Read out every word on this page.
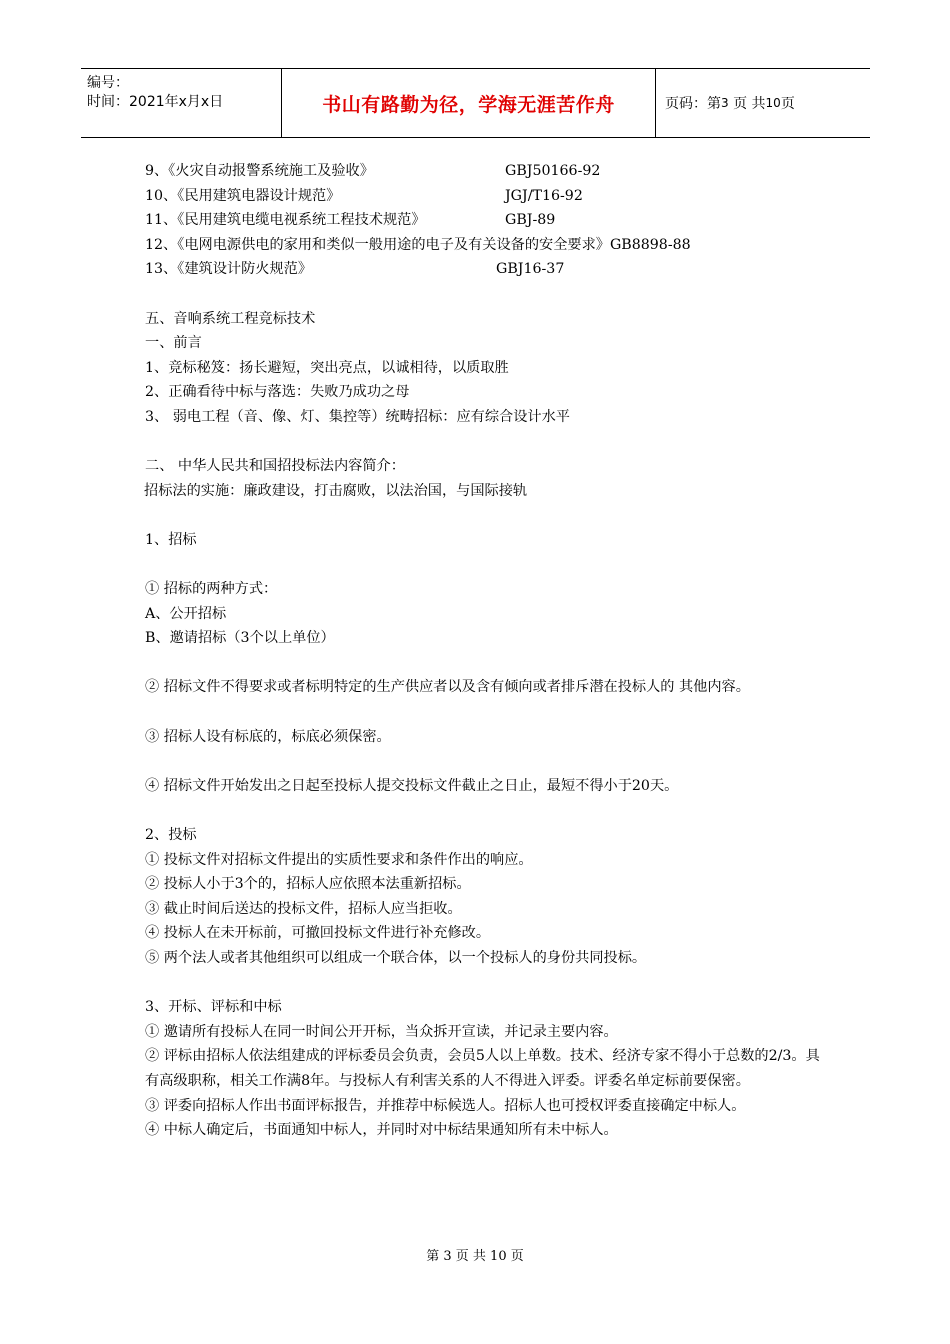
编号：
时间：2021年x月x日	书山有路勤为径，学海无涯苦作舟	页码：第 3
页 共 10 页
9、《火灾自动报警系统施工及验收》	GBJ50166-92
10、《民用建筑电器设计规范》	JGJ/T16-92
11、《民用建筑电缆电视系统工程技术规范》	GBJ-89
12、《电网电源供电的家用和类似一般用途的电子及有关设备的安全要求》GB8898-88
13、《建筑设计防火规范》	GBJ16-37
五、音响系统工程竞标技术
一、前言
1、竞标秘笈：扬长避短，突出亮点，以诚相待，以质取胜
2、正确看待中标与落选：失败乃成功之母
3、 弱电工程（音、像、灯、集控等）统畴招标：应有综合设计水平
二、 中华人民共和国招投标法内容简介：
招标法的实施：廉政建设，打击腐败，以法治国，与国际接轨
1、招标
① 招标的两种方式：
A、公开招标
B、邀请招标（3个以上单位）
② 招标文件不得要求或者标明特定的生产供应者以及含有倾向或者排斥潜在投标人的 其他内容。
③ 招标人设有标底的，标底必须保密。
④ 招标文件开始发出之日起至投标人提交投标文件截止之日止，最短不得小于20天。
2、投标
① 投标文件对招标文件提出的实质性要求和条件作出的响应。
② 投标人小于3个的，招标人应依照本法重新招标。
③ 截止时间后送达的投标文件，招标人应当拒收。
④ 投标人在未开标前，可撤回投标文件进行补充修改。
⑤ 两个法人或者其他组织可以组成一个联合体，以一个投标人的身份共同投标。
3、开标、评标和中标
① 邀请所有投标人在同一时间公开开标，当众拆开宣读，并记录主要内容。
② 评标由招标人依法组建成的评标委员会负责，会员5人以上单数。技术、经济专家不得小于总数的2/3。具有高级职称，相关工作满8年。与投标人有利害关系的人不得进入评委。评委名单定标前要保密。
③ 评委向招标人作出书面评标报告，并推荐中标候选人。招标人也可授权评委直接确定中标人。
④ 中标人确定后，书面通知中标人，并同时对中标结果通知所有未中标人。
第 3 页 共 10 页
